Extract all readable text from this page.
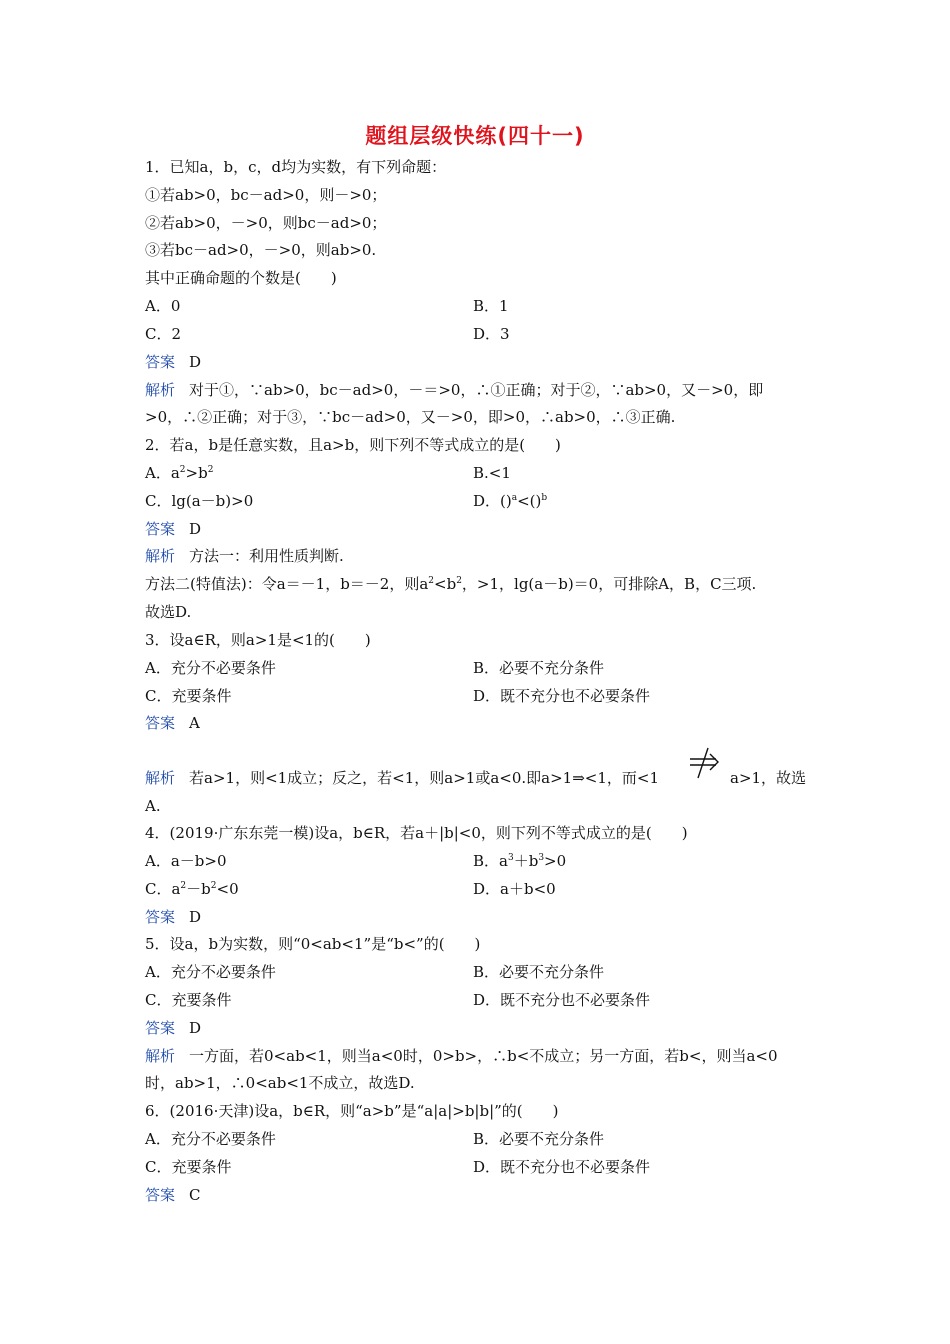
题组层级快练(四十一)
1．已知a，b，c，d均为实数，有下列命题：
①若ab>0，bc－ad>0，则－>0；
②若ab>0，－>0，则bc－ad>0；
③若bc－ad>0，－>0，则ab>0.
其中正确命题的个数是(　　)
A．0	B．1
C．2	D．3
答案 D
解析 对于①，∵ab>0，bc－ad>0，－＝>0，∴①正确；对于②，∵ab>0，又－>0，即
>0，∴②正确；对于③，∵bc－ad>0，又－>0，即>0，∴ab>0，∴③正确.
2．若a，b是任意实数，且a>b，则下列不等式成立的是(　　)
A．$a^2>b^2$	B.<1
C．lg(a－b)>0	D．()$^a$<()$^b$
答案 D
解析 方法一：利用性质判断.
方法二(特值法)：令a＝－1，b＝－2，则$a^2<b^2$，>1，lg(a－b)＝0，可排除A，B，C三项.
故选D.
3．设a∈R，则a>1是<1的(　　)
A．充分不必要条件	B．必要不充分条件
C．充要条件	D．既不充分也不必要条件
答案 A
解析 若a>1，则<1成立；反之，若<1，则a>1或a<0.即a>1⇒<1，而<1	a>1，故选
A.
4．(2019·广东东莞一模)设a，b∈R，若a＋|b|<0，则下列不等式成立的是(　　)
A．a－b>0	B．$a^3+b^3>0$
C．$a^2-b^2<0$	D．a＋b<0
答案 D
5．设a，b为实数，则“0<ab<1”是“b<”的(　　)
A．充分不必要条件	B．必要不充分条件
C．充要条件	D．既不充分也不必要条件
答案 D
解析 一方面，若0<ab<1，则当a<0时，0>b>，∴b<不成立；另一方面，若b<，则当a<0
时，ab>1，∴0<ab<1不成立，故选D.
6．(2016·天津)设a，b∈R，则“a>b”是“a|a|>b|b|”的(　　)
A．充分不必要条件	B．必要不充分条件
C．充要条件	D．既不充分也不必要条件
答案 C
